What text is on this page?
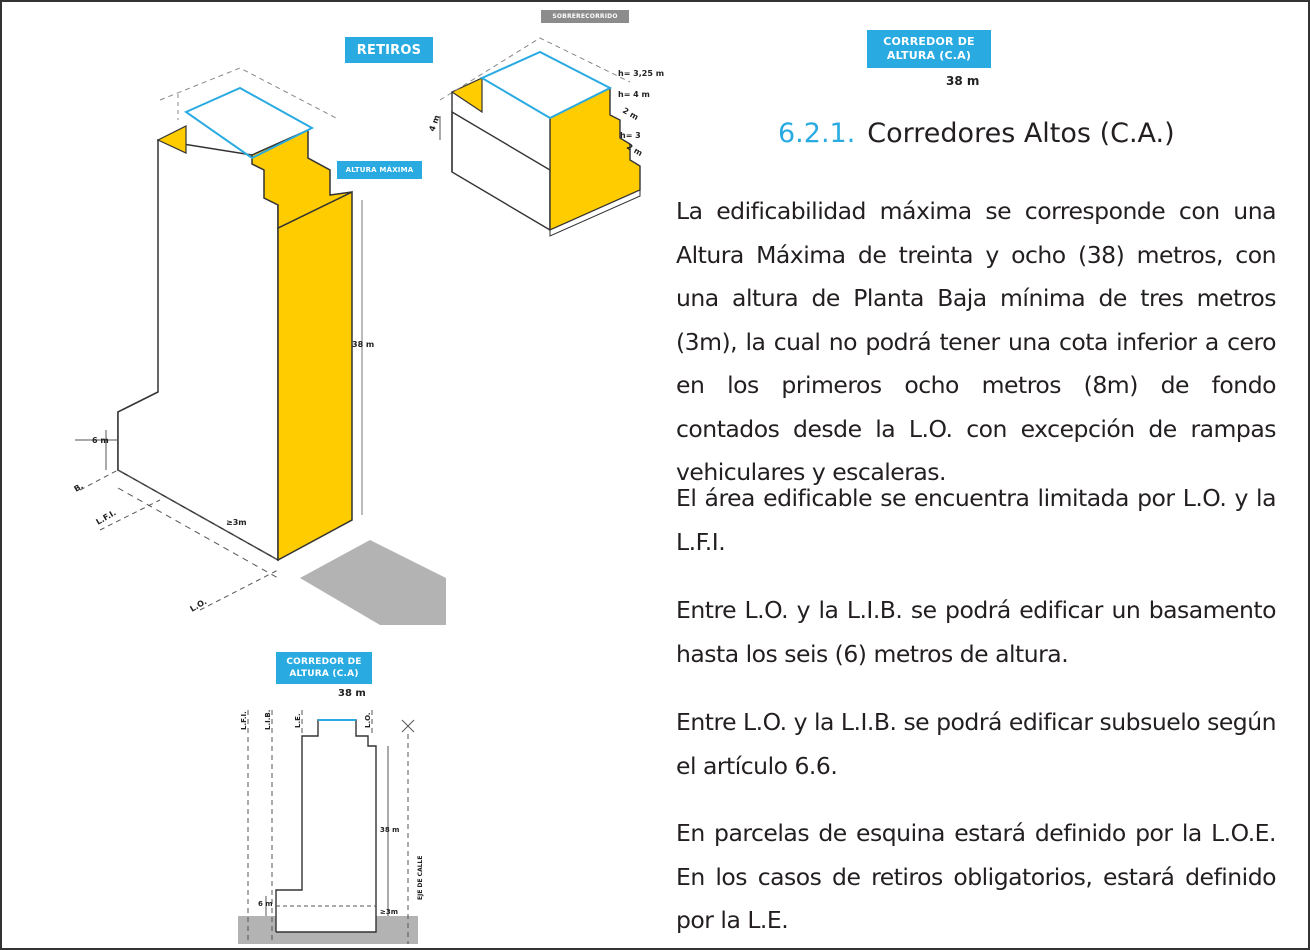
38 m
6 m
≥3m
B.
L.F.I.
L.O.
RETIROS
ALTURA MÁXIMA
h= 3,25 m
h= 4 m
2 m
h= 3
2 m
4 m
SOBRERECORRIDO
CORREDOR DE
ALTURA (C.A)
38 m
CORREDOR DE
ALTURA (C.A)
38 m
L.F.I. L.I.B.	L.E.	L.O.
38 m
6 m
≥3m
EJE DE CALLE
6.2.1. Corredores Altos (C.A.)
La edificabilidad máxima se corresponde con una Altura Máxima de treinta y ocho (38) metros, con una altura de Planta Baja mínima de tres metros (3m), la cual no podrá tener una cota inferior a cero en los primeros ocho metros (8m) de fondo contados desde la L.O. con excepción de rampas vehiculares y escaleras.
El área edificable se encuentra limitada por L.O. y la L.F.I.
Entre L.O. y la L.I.B. se podrá edificar un basamento hasta los seis (6) metros de altura.
Entre L.O. y la L.I.B. se podrá edificar subsuelo según el artículo 6.6.
En parcelas de esquina estará definido por la L.O.E. En los casos de retiros obligatorios, estará definido por la L.E.
